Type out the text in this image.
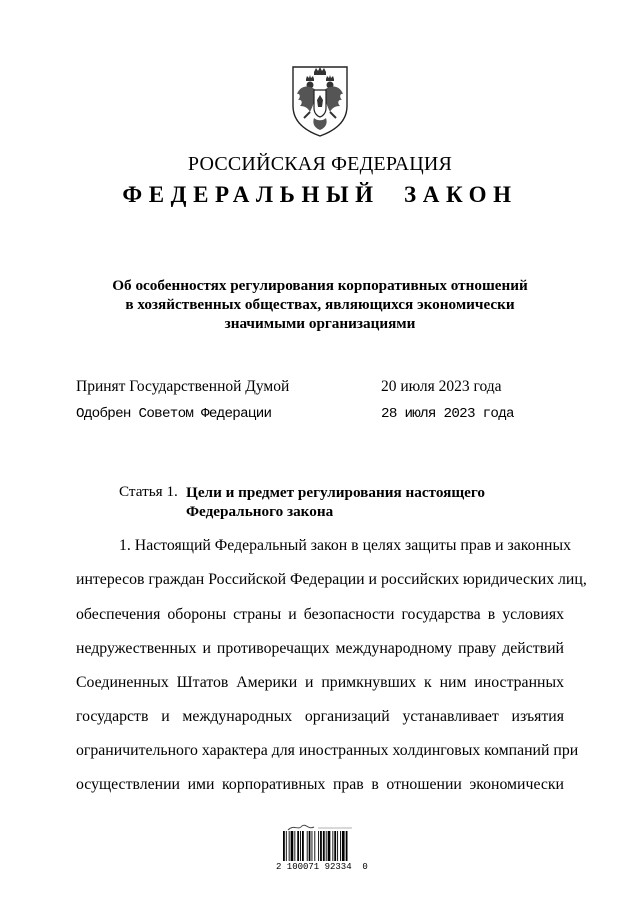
РОССИЙСКАЯ ФЕДЕРАЦИЯ
ФЕДЕРАЛЬНЫЙ ЗАКОН
Об особенностях регулирования корпоративных отношений
в хозяйственных обществах, являющихся экономически
значимыми организациями
Принят Государственной Думой	20 июля 2023 года
Одобрен Советом Федерации	28 июля 2023 года
Статья 1. Цели и предмет регулирования настоящего
Федерального закона
1. Настоящий Федеральный закон в целях защиты прав и законных
интересов граждан Российской Федерации и российских юридических лиц,
обеспечения обороны страны и безопасности государства в условиях
недружественных и противоречащих международному праву действий
Соединенных Штатов Америки и примкнувших к ним иностранных
государств и международных организаций устанавливает изъятия
ограничительного характера для иностранных холдинговых компаний при
осуществлении ими корпоративных прав в отношении экономически
2 100071 92334  0
